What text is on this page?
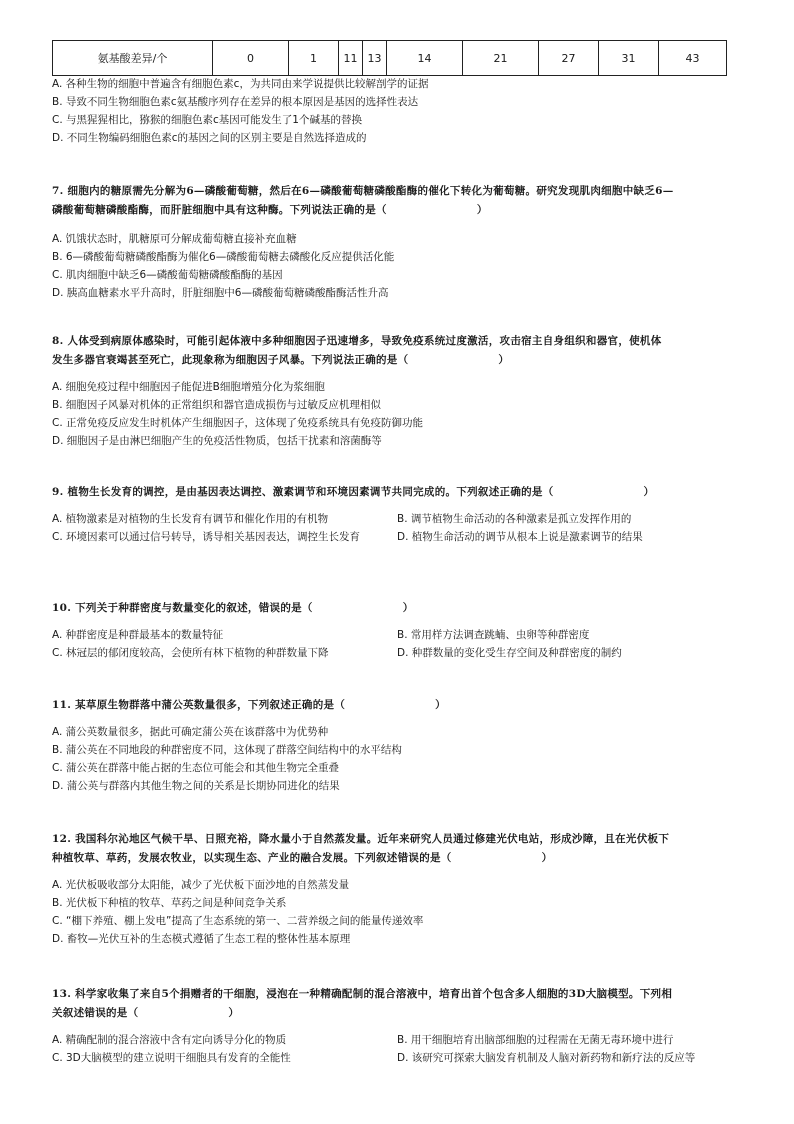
氨基酸差异/个	0	1	11	13	14	21	27	31	43
A. 各种生物的细胞中普遍含有细胞色素c，为共同由来学说提供比较解剖学的证据
B. 导致不同生物细胞色素c氨基酸序列存在差异的根本原因是基因的选择性表达
C. 与黑猩猩相比，猕猴的细胞色素c基因可能发生了1个碱基的替换
D. 不同生物编码细胞色素c的基因之间的区别主要是自然选择造成的
7. 细胞内的糖原需先分解为6—磷酸葡萄糖，然后在6—磷酸葡萄糖磷酸酯酶的催化下转化为葡萄糖。研究发现肌肉细胞中缺乏6—
磷酸葡萄糖磷酸酯酶，而肝脏细胞中具有这种酶。下列说法正确的是（	）
A. 饥饿状态时，肌糖原可分解成葡萄糖直接补充血糖
B. 6—磷酸葡萄糖磷酸酯酶为催化6—磷酸葡萄糖去磷酸化反应提供活化能
C. 肌肉细胞中缺乏6—磷酸葡萄糖磷酸酯酶的基因
D. 胰高血糖素水平升高时，肝脏细胞中6—磷酸葡萄糖磷酸酯酶活性升高
8. 人体受到病原体感染时，可能引起体液中多种细胞因子迅速增多，导致免疫系统过度激活，攻击宿主自身组织和器官，使机体
发生多器官衰竭甚至死亡，此现象称为细胞因子风暴。下列说法正确的是（	）
A. 细胞免疫过程中细胞因子能促进B细胞增殖分化为浆细胞
B. 细胞因子风暴对机体的正常组织和器官造成损伤与过敏反应机理相似
C. 正常免疫反应发生时机体产生细胞因子，这体现了免疫系统具有免疫防御功能
D. 细胞因子是由淋巴细胞产生的免疫活性物质，包括干扰素和溶菌酶等
9. 植物生长发育的调控，是由基因表达调控、激素调节和环境因素调节共同完成的。下列叙述正确的是（	）
A. 植物激素是对植物的生长发育有调节和催化作用的有机物	B. 调节植物生命活动的各种激素是孤立发挥作用的
C. 环境因素可以通过信号转导，诱导相关基因表达，调控生长发育	D. 植物生命活动的调节从根本上说是激素调节的结果
10. 下列关于种群密度与数量变化的叙述，错误的是（	）
A. 种群密度是种群最基本的数量特征	B. 常用样方法调查跳蝻、虫卵等种群密度
C. 林冠层的郁闭度较高，会使所有林下植物的种群数量下降	D. 种群数量的变化受生存空间及种群密度的制约
11. 某草原生物群落中蒲公英数量很多，下列叙述正确的是（	）
A. 蒲公英数量很多，据此可确定蒲公英在该群落中为优势种
B. 蒲公英在不同地段的种群密度不同，这体现了群落空间结构中的水平结构
C. 蒲公英在群落中能占据的生态位可能会和其他生物完全重叠
D. 蒲公英与群落内其他生物之间的关系是长期协同进化的结果
12. 我国科尔沁地区气候干旱、日照充裕，降水量小于自然蒸发量。近年来研究人员通过修建光伏电站，形成沙障，且在光伏板下
种植牧草、草药，发展农牧业，以实现生态、产业的融合发展。下列叙述错误的是（	）
A. 光伏板吸收部分太阳能，减少了光伏板下面沙地的自然蒸发量
B. 光伏板下种植的牧草、草药之间是种间竞争关系
C. “棚下养殖、棚上发电”提高了生态系统的第一、二营养级之间的能量传递效率
D. 畜牧—光伏互补的生态模式遵循了生态工程的整体性基本原理
13. 科学家收集了来自5个捐赠者的干细胞，浸泡在一种精确配制的混合溶液中，培育出首个包含多人细胞的3D大脑模型。下列相
关叙述错误的是（	）
A. 精确配制的混合溶液中含有定向诱导分化的物质	B. 用干细胞培育出脑部细胞的过程需在无菌无毒环境中进行
C. 3D大脑模型的建立说明干细胞具有发育的全能性	D. 该研究可探索大脑发育机制及人脑对新药物和新疗法的反应等
